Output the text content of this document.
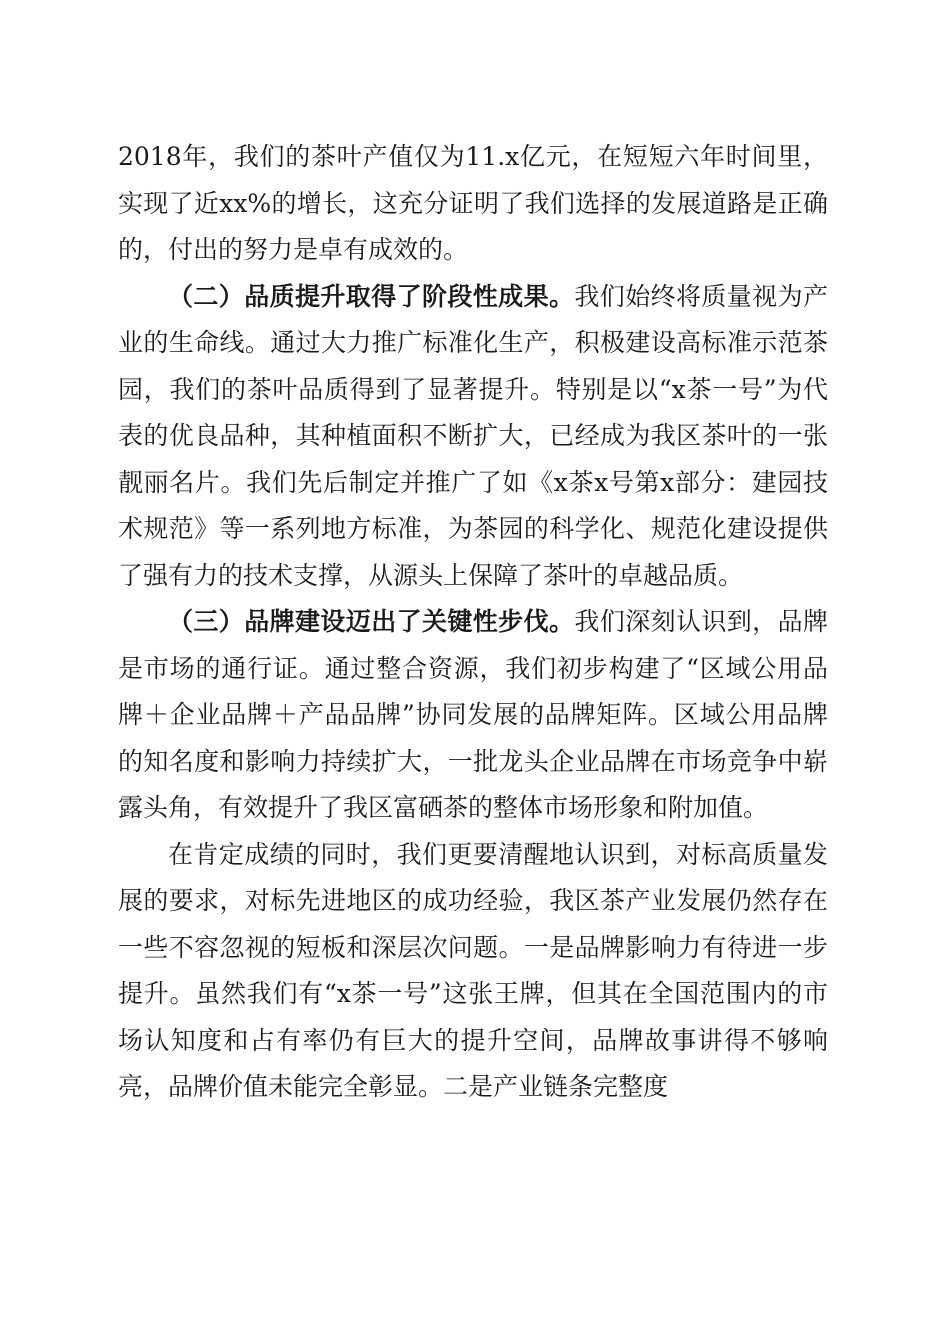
2018年，我们的茶叶产值仅为11.x亿元，在短短六年时间里，实现了近xx%的增长，这充分证明了我们选择的发展道路是正确的，付出的努力是卓有成效的。

（二）品质提升取得了阶段性成果。我们始终将质量视为产业的生命线。通过大力推广标准化生产，积极建设高标准示范茶园，我们的茶叶品质得到了显著提升。特别是以“x茶一号”为代表的优良品种，其种植面积不断扩大，已经成为我区茶叶的一张靓丽名片。我们先后制定并推广了如《x茶x号第x部分：建园技术规范》等一系列地方标准，为茶园的科学化、规范化建设提供了强有力的技术支撑，从源头上保障了茶叶的卓越品质。

（三）品牌建设迈出了关键性步伐。我们深刻认识到，品牌是市场的通行证。通过整合资源，我们初步构建了“区域公用品牌＋企业品牌＋产品品牌”协同发展的品牌矩阵。区域公用品牌的知名度和影响力持续扩大，一批龙头企业品牌在市场竞争中崭露头角，有效提升了我区富硒茶的整体市场形象和附加值。

在肯定成绩的同时，我们更要清醒地认识到，对标高质量发展的要求，对标先进地区的成功经验，我区茶产业发展仍然存在一些不容忽视的短板和深层次问题。一是品牌影响力有待进一步提升。虽然我们有“x茶一号”这张王牌，但其在全国范围内的市场认知度和占有率仍有巨大的提升空间，品牌故事讲得不够响亮，品牌价值未能完全彰显。二是产业链条完整度
